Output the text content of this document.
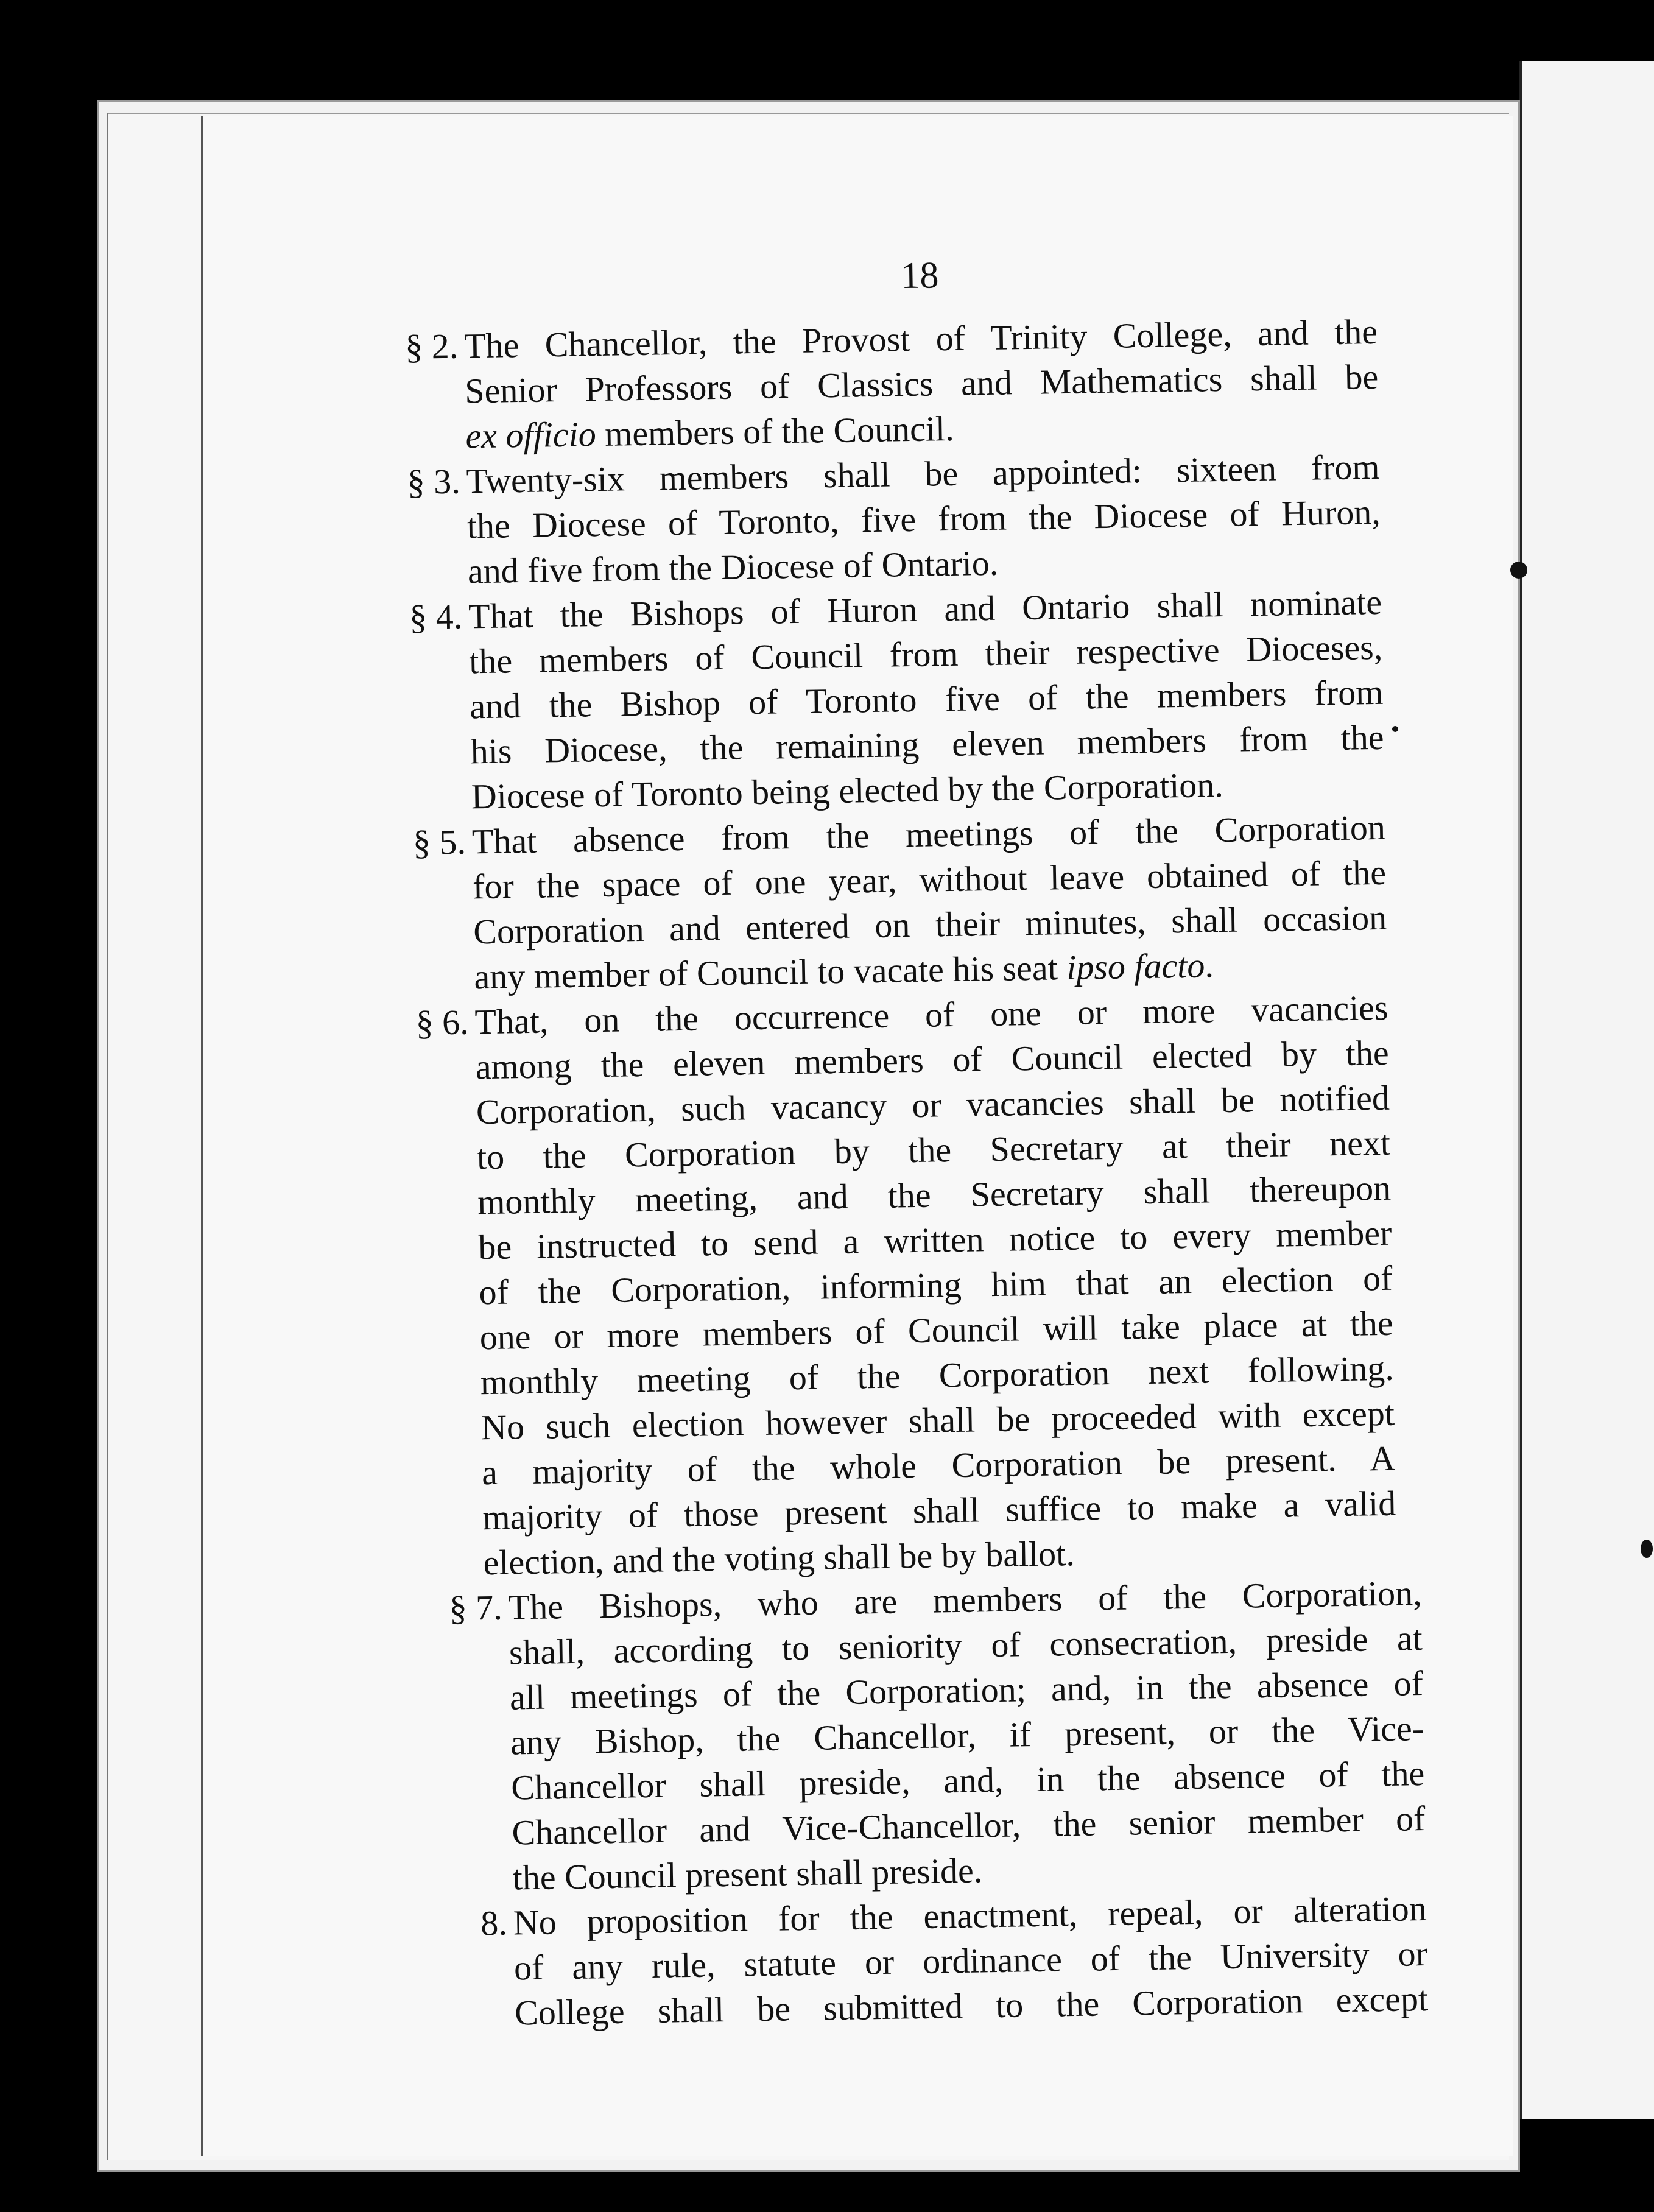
18
§ 2. The Chancellor, the Provost of Trinity College, and the

Senior Professors of Classics and Mathematics shall be

ex officio members of the Council.

§ 3. Twenty-six members shall be appointed: sixteen from

the Diocese of Toronto, five from the Diocese of Huron,

and five from the Diocese of Ontario.

§ 4. That the Bishops of Huron and Ontario shall nominate

the members of Council from their respective Dioceses,

and the Bishop of Toronto five of the members from

his Diocese, the remaining eleven members from the

Diocese of Toronto being elected by the Corporation.

§ 5. That absence from the meetings of the Corporation

for the space of one year, without leave obtained of the

Corporation and entered on their minutes, shall occasion

any member of Council to vacate his seat ipso facto.

§ 6. That, on the occurrence of one or more vacancies

among the eleven members of Council elected by the

Corporation, such vacancy or vacancies shall be notified

to the Corporation by the Secretary at their next

monthly meeting, and the Secretary shall thereupon

be instructed to send a written notice to every member

of the Corporation, informing him that an election of

one or more members of Council will take place at the

monthly meeting of the Corporation next following.

No such election however shall be proceeded with except

a majority of the whole Corporation be present. A

majority of those present shall suffice to make a valid

election, and the voting shall be by ballot.

§ 7. The Bishops, who are members of the Corporation,

shall, according to seniority of consecration, preside at

all meetings of the Corporation; and, in the absence of

any Bishop, the Chancellor, if present, or the Vice-

Chancellor shall preside, and, in the absence of the

Chancellor and Vice-Chancellor, the senior member of

the Council present shall preside.

8. No proposition for the enactment, repeal, or alteration

of any rule, statute or ordinance of the University or

College shall be submitted to the Corporation except
